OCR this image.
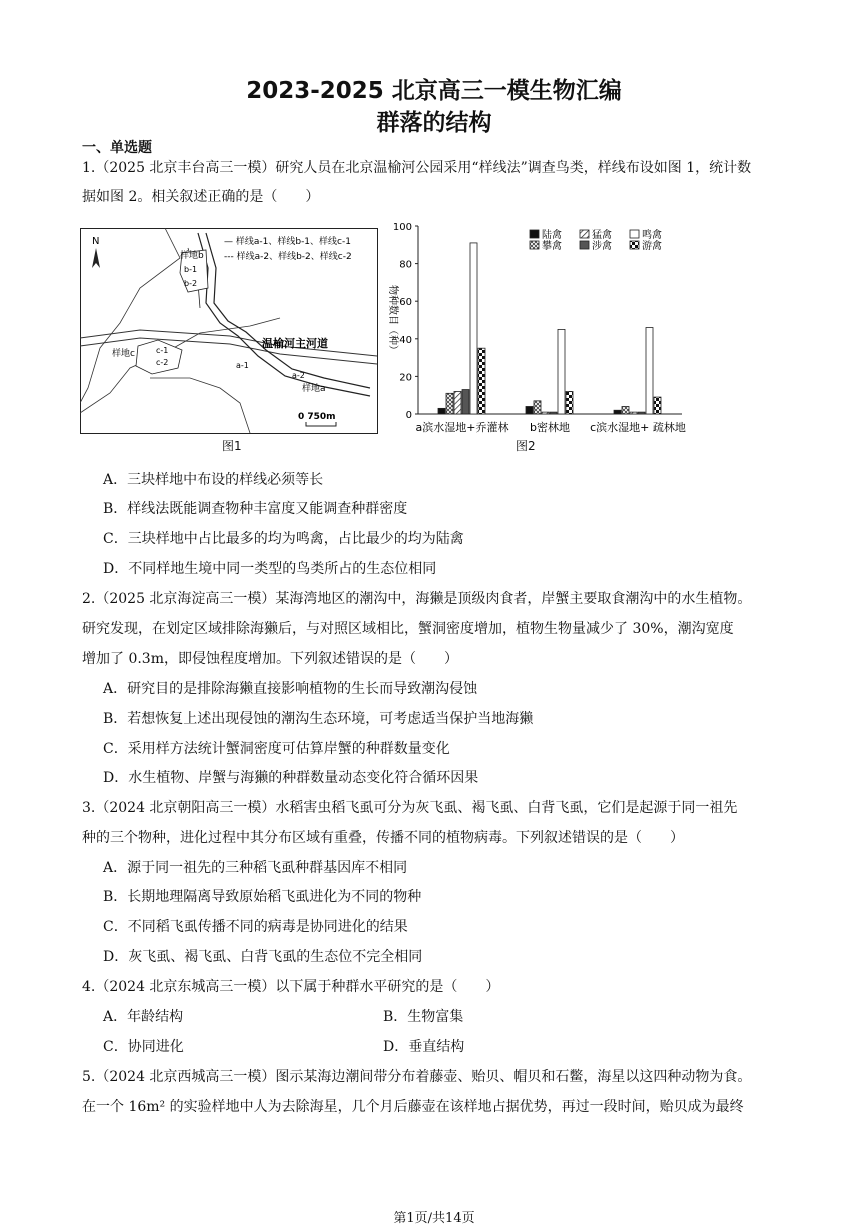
2023-2025 北京高三一模生物汇编
群落的结构
一、单选题
1.（2025 北京丰台高三一模）研究人员在北京温榆河公园采用“样线法”调查鸟类，样线布设如图 1，统计数
据如图 2。相关叙述正确的是（　　）
N	— 样线a-1、样线b-1、样线c-1
--- 样线a-2、样线b-2、样线c-2
样地b
b-1
b-2
样地c	c-1
c-2
温榆河主河道
a-1
a-2
样地a
0 750m
图1
0
20
40
60
80
100
物种数目（种）
a滨水湿地+乔灌林 b密林地 c滨水湿地+ 疏林地
陆禽	猛禽	鸣禽
攀禽	涉禽	游禽
图2
A．三块样地中布设的样线必须等长
B．样线法既能调查物种丰富度又能调查种群密度
C．三块样地中占比最多的均为鸣禽，占比最少的均为陆禽
D．不同样地生境中同一类型的鸟类所占的生态位相同
2.（2025 北京海淀高三一模）某海湾地区的潮沟中，海獭是顶级肉食者，岸蟹主要取食潮沟中的水生植物。
研究发现，在划定区域排除海獭后，与对照区域相比，蟹洞密度增加，植物生物量减少了 30%，潮沟宽度
增加了 0.3m，即侵蚀程度增加。下列叙述错误的是（　　）
A．研究目的是排除海獭直接影响植物的生长而导致潮沟侵蚀
B．若想恢复上述出现侵蚀的潮沟生态环境，可考虑适当保护当地海獭
C．采用样方法统计蟹洞密度可估算岸蟹的种群数量变化
D．水生植物、岸蟹与海獭的种群数量动态变化符合循环因果
3.（2024 北京朝阳高三一模）水稻害虫稻飞虱可分为灰飞虱、褐飞虱、白背飞虱，它们是起源于同一祖先
种的三个物种，进化过程中其分布区域有重叠，传播不同的植物病毒。下列叙述错误的是（　　）
A．源于同一祖先的三种稻飞虱种群基因库不相同
B．长期地理隔离导致原始稻飞虱进化为不同的物种
C．不同稻飞虱传播不同的病毒是协同进化的结果
D．灰飞虱、褐飞虱、白背飞虱的生态位不完全相同
4.（2024 北京东城高三一模）以下属于种群水平研究的是（　　）
A．年龄结构	B．生物富集
C．协同进化	D．垂直结构
5.（2024 北京西城高三一模）图示某海边潮间带分布着藤壶、贻贝、帽贝和石鳖，海星以这四种动物为食。
在一个 16m² 的实验样地中人为去除海星，几个月后藤壶在该样地占据优势，再过一段时间，贻贝成为最终
第1页/共14页
